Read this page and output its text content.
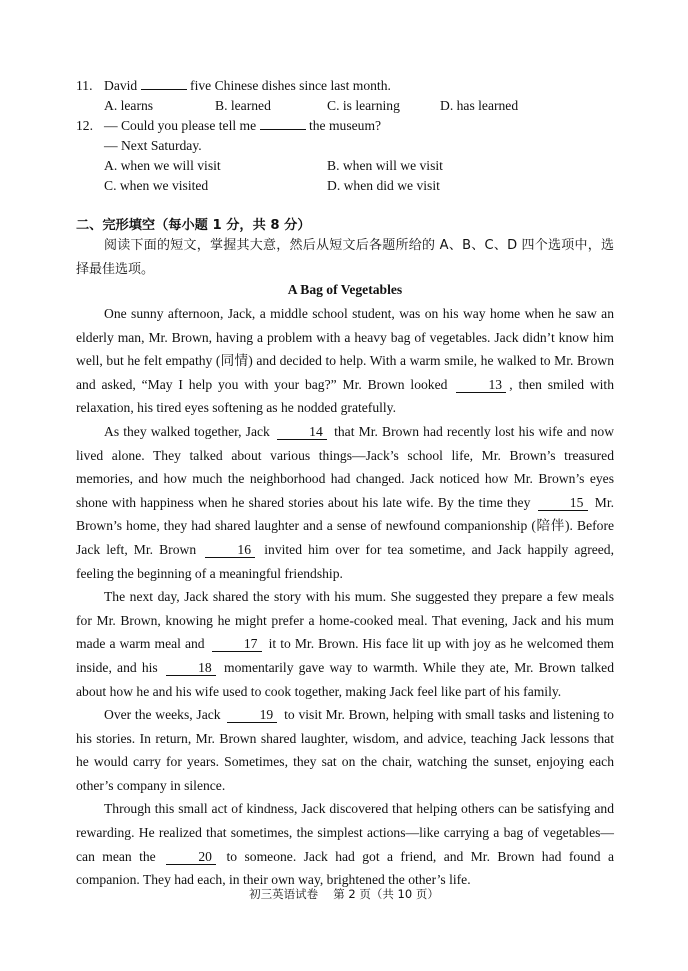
11. David	five Chinese dishes since last month.
A. learns	B. learned	C. is learning	D. has learned
12. — Could you please tell me	the museum?
— Next Saturday.
A. when we will visit	B. when will we visit
C. when we visited	D. when did we visit
二、完形填空（每小题 1 分，共 8 分）
阅读下面的短文，掌握其大意，然后从短文后各题所给的 A、B、C、D 四个选项中，选择最佳选项。
A Bag of Vegetables

One sunny afternoon, Jack, a middle school student, was on his way home when he saw an elderly man, Mr. Brown, having a problem with a heavy bag of vegetables. Jack didn’t know him well, but he felt empathy (同情) and decided to help. With a warm smile, he walked to Mr. Brown and asked, “May I help you with your bag?” Mr. Brown looked	13 , then smiled with relaxation, his tired eyes softening as he nodded gratefully.

As they walked together, Jack	14 that Mr. Brown had recently lost his wife and now lived alone. They talked about various things—Jack’s school life, Mr. Brown’s treasured memories, and how much the neighborhood had changed. Jack noticed how Mr. Brown’s eyes shone with happiness when he shared stories about his late wife. By the time they	15 Mr. Brown’s home, they had shared laughter and a sense of newfound companionship (陪伴). Before Jack left, Mr. Brown	16 invited him over for tea sometime, and Jack happily agreed, feeling the beginning of a meaningful friendship.

The next day, Jack shared the story with his mum. She suggested they prepare a few meals for Mr. Brown, knowing he might prefer a home-cooked meal. That evening, Jack and his mum made a warm meal and	17 it to Mr. Brown. His face lit up with joy as he welcomed them inside, and his	18 momentarily gave way to warmth. While they ate, Mr. Brown talked about how he and his wife used to cook together, making Jack feel like part of his family.

Over the weeks, Jack	19 to visit Mr. Brown, helping with small tasks and listening to his stories. In return, Mr. Brown shared laughter, wisdom, and advice, teaching Jack lessons that he would carry for years. Sometimes, they sat on the chair, watching the sunset, enjoying each other’s company in silence.

Through this small act of kindness, Jack discovered that helping others can be satisfying and rewarding. He realized that sometimes, the simplest actions—like carrying a bag of vegetables—can mean the	20 to someone. Jack had got a friend, and Mr. Brown had found a companion. They had each, in their own way, brightened the other’s life.

初三英语试卷　 第 2 页（共 10 页）
